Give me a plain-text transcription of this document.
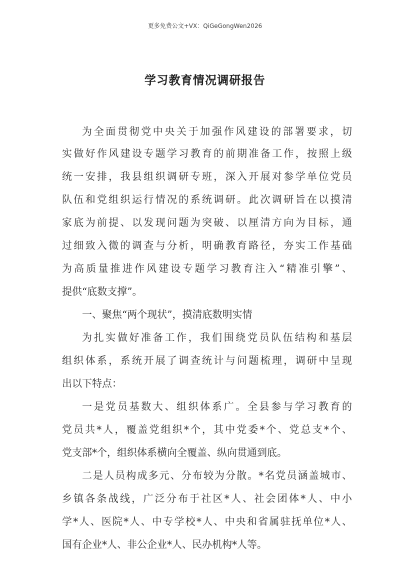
更多免费公文+VX：QiGeGongWen2026
学习教育情况调研报告
为全面贯彻党中央关于加强作风建设的部署要求，切
实做好作风建设专题学习教育的前期准备工作，按照上级
统一安排，我县组织调研专班，深入开展对参学单位党员
队伍和党组织运行情况的系统调研。此次调研旨在以摸清
家底为前提、以发现问题为突破、以厘清方向为目标，通
过细致入微的调查与分析，明确教育路径，夯实工作基础
为高质量推进作风建设专题学习教育注入“精准引擎”、
提供“底数支撑”。
一、聚焦“两个现状”，摸清底数明实情
为扎实做好准备工作，我们围绕党员队伍结构和基层
组织体系，系统开展了调查统计与问题梳理，调研中呈现
出以下特点：
一是党员基数大、组织体系广。全县参与学习教育的
党员共*人，覆盖党组织*个，其中党委*个、党总支*个、
党支部*个，组织体系横向全覆盖、纵向贯通到底。
二是人员构成多元、分布较为分散。*名党员涵盖城市、
乡镇各条战线，广泛分布于社区*人、社会团体*人、中小
学*人、医院*人、中专学校*人、中央和省属驻抚单位*人、
国有企业*人、非公企业*人、民办机构*人等。
